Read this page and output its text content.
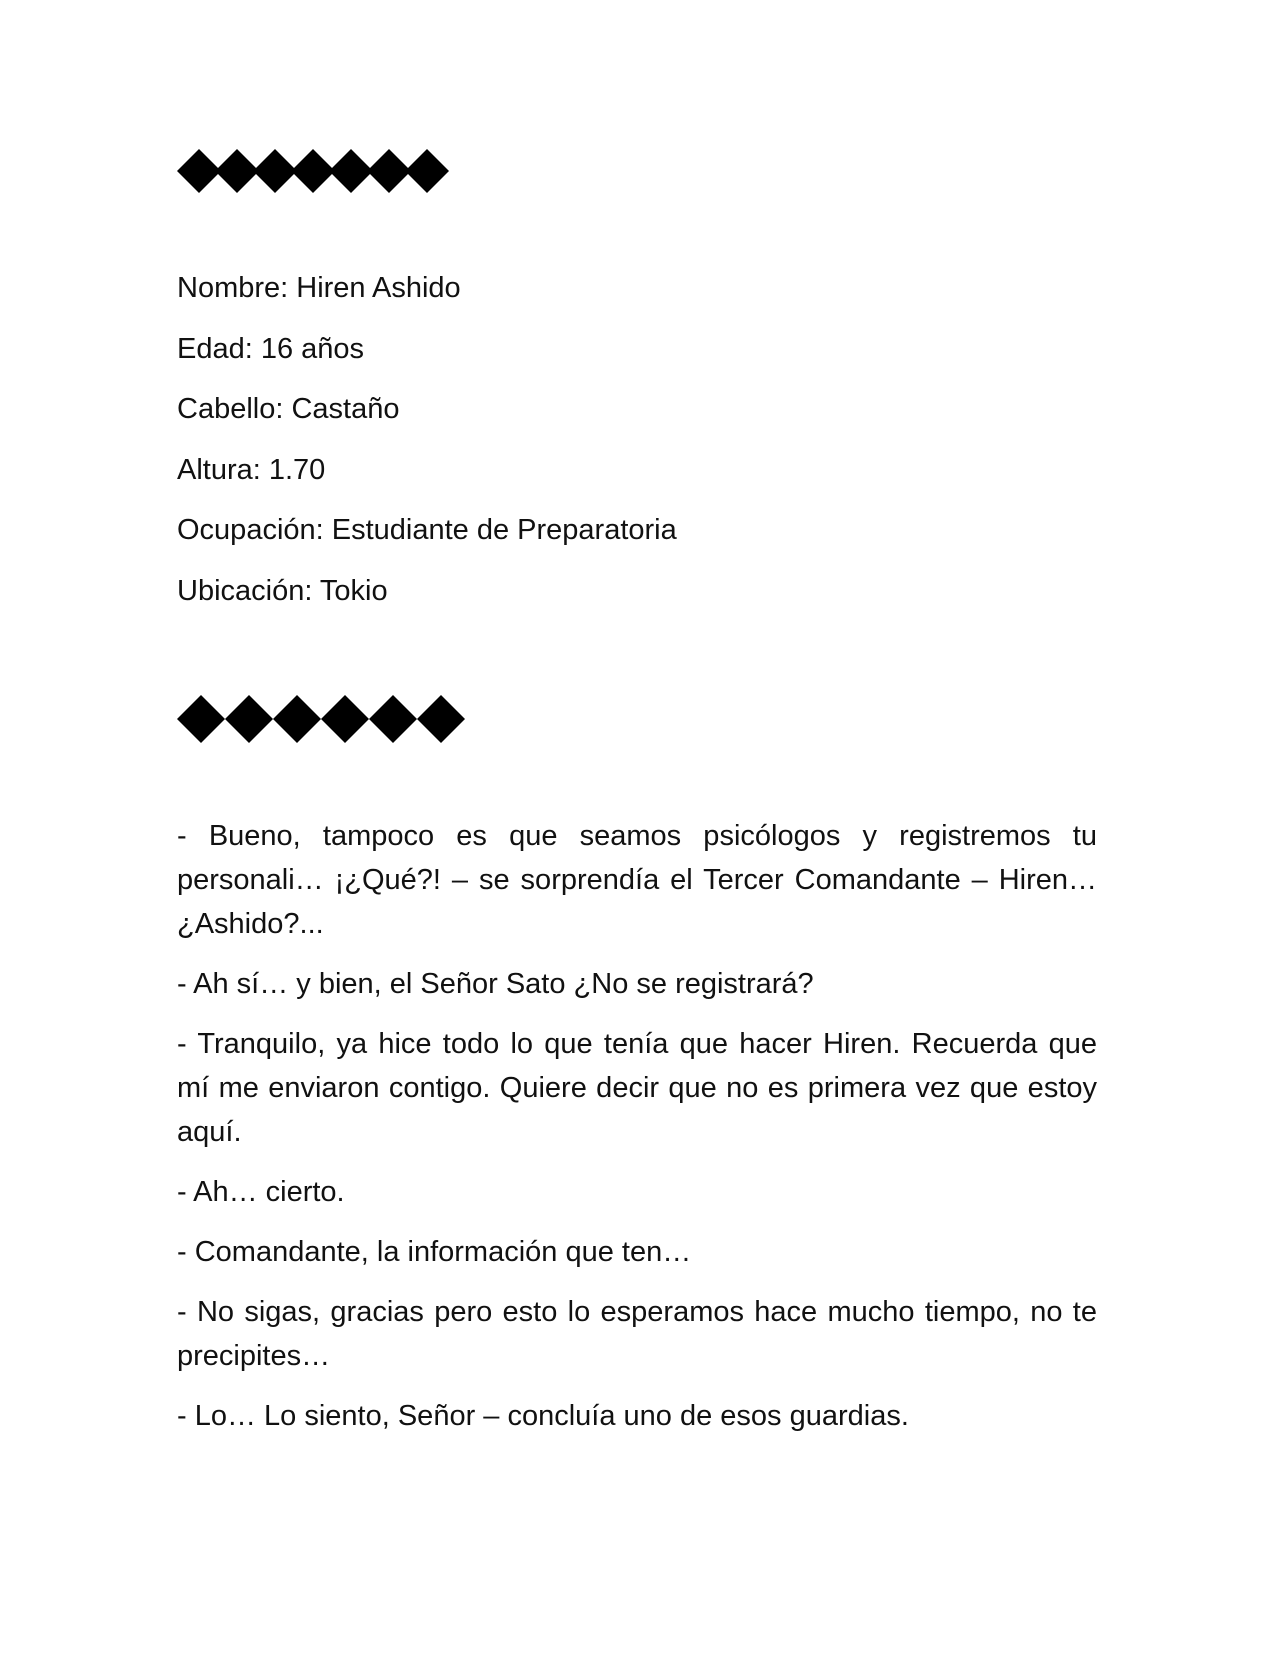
Nombre: Hiren Ashido
Edad: 16 años
Cabello: Castaño
Altura: 1.70
Ocupación: Estudiante de Preparatoria
Ubicación: Tokio

- Bueno, tampoco es que seamos psicólogos y registremos tu personali… ¡¿Qué?! – se sorprendía el Tercer Comandante – Hiren… ¿Ashido?...

- Ah sí… y bien, el Señor Sato ¿No se registrará?

- Tranquilo, ya hice todo lo que tenía que hacer Hiren. Recuerda que mí me enviaron contigo. Quiere decir que no es primera vez que estoy aquí.

- Ah… cierto.

- Comandante, la información que ten…

- No sigas, gracias pero esto lo esperamos hace mucho tiempo, no te precipites…

- Lo… Lo siento, Señor – concluía uno de esos guardias.
